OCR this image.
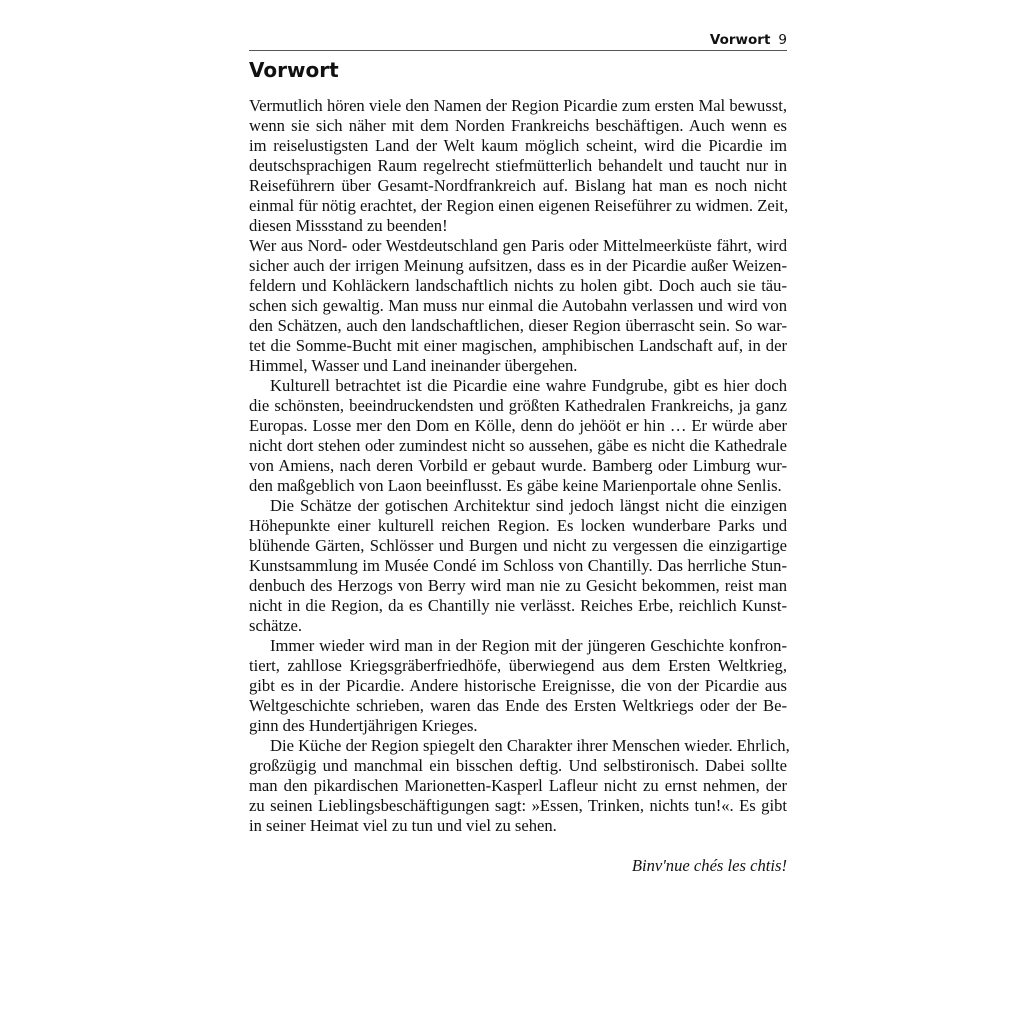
Vorwort 9
Vorwort

Vermutlich hören viele den Namen der Region Picardie zum ersten Mal bewusst,
wenn sie sich näher mit dem Norden Frankreichs beschäftigen. Auch wenn es
im reiselustigsten Land der Welt kaum möglich scheint, wird die Picardie im
deutschsprachigen Raum regelrecht stiefmütterlich behandelt und taucht nur in
Reiseführern über Gesamt-Nordfrankreich auf. Bislang hat man es noch nicht
einmal für nötig erachtet, der Region einen eigenen Reiseführer zu widmen. Zeit,
diesen Missstand zu beenden!

Wer aus Nord- oder Westdeutschland gen Paris oder Mittelmeerküste fährt, wird
sicher auch der irrigen Meinung aufsitzen, dass es in der Picardie außer Weizen-
feldern und Kohläckern landschaftlich nichts zu holen gibt. Doch auch sie täu-
schen sich gewaltig. Man muss nur einmal die Autobahn verlassen und wird von
den Schätzen, auch den landschaftlichen, dieser Region überrascht sein. So war-
tet die Somme-Bucht mit einer magischen, amphibischen Landschaft auf, in der
Himmel, Wasser und Land ineinander übergehen.

Kulturell betrachtet ist die Picardie eine wahre Fundgrube, gibt es hier doch
die schönsten, beeindruckendsten und größten Kathedralen Frankreichs, ja ganz
Europas. Losse mer den Dom en Kölle, denn do jehööt er hin … Er würde aber
nicht dort stehen oder zumindest nicht so aussehen, gäbe es nicht die Kathedrale
von Amiens, nach deren Vorbild er gebaut wurde. Bamberg oder Limburg wur-
den maßgeblich von Laon beeinflusst. Es gäbe keine Marienportale ohne Senlis.

Die Schätze der gotischen Architektur sind jedoch längst nicht die einzigen
Höhepunkte einer kulturell reichen Region. Es locken wunderbare Parks und
blühende Gärten, Schlösser und Burgen und nicht zu vergessen die einzigartige
Kunstsammlung im Musée Condé im Schloss von Chantilly. Das herrliche Stun-
denbuch des Herzogs von Berry wird man nie zu Gesicht bekommen, reist man
nicht in die Region, da es Chantilly nie verlässt. Reiches Erbe, reichlich Kunst-
schätze.

Immer wieder wird man in der Region mit der jüngeren Geschichte konfron-
tiert, zahllose Kriegsgräberfriedhöfe, überwiegend aus dem Ersten Weltkrieg,
gibt es in der Picardie. Andere historische Ereignisse, die von der Picardie aus
Weltgeschichte schrieben, waren das Ende des Ersten Weltkriegs oder der Be-
ginn des Hundertjährigen Krieges.

Die Küche der Region spiegelt den Charakter ihrer Menschen wieder. Ehrlich,
großzügig und manchmal ein bisschen deftig. Und selbstironisch. Dabei sollte
man den pikardischen Marionetten-Kasperl Lafleur nicht zu ernst nehmen, der
zu seinen Lieblingsbeschäftigungen sagt: »Essen, Trinken, nichts tun!«. Es gibt
in seiner Heimat viel zu tun und viel zu sehen.

Binv'nue chés les chtis!
